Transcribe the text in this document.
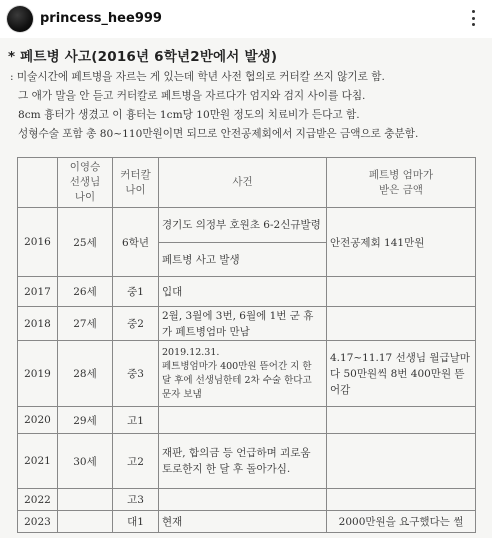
princess_hee999
* 페트병 사고(2016년 6학년2반에서 발생)
: 미술시간에 페트병을 자르는 게 있는데 학년 사전 협의로 커터칼 쓰지 않기로 함.
그 애가 말을 안 듣고 커터칼로 페트병을 자르다가 엄지와 검지 사이를 다침.
8cm 흉터가 생겼고 이 흉터는 1cm당 10만원 정도의 치료비가 든다고 함.
성형수술 포함 총 80~110만원이면 되므로 안전공제회에서 지급받은 금액으로 충분함.
	이영승
선생님
나이	커터칼
나이	사건	페트병 엄마가
받은 금액
2016	25세	6학년	경기도 의정부 호원초 6-2신규발령	안전공제회 141만원
			페트병 사고 발생	
2017	26세	중1	입대	
2018	27세	중2	2월, 3월에 3번, 6월에 1번 군 휴가 페트병엄마 만남	
2019	28세	중3	2019.12.31.
페트병엄마가 400만원 뜯어간 지 한 달 후에 선생님한테 2차 수술 한다고 문자 보냄	4.17~11.17 선생님 월급날마다 50만원씩 8번 400만원 뜯어감
2020	29세	고1		
2021	30세	고2	재판, 합의금 등 언급하며 괴로움 토로한지 한 달 후 돌아가심.	
2022		고3		
2023		대1	현재	2000만원을 요구했다는 썰
